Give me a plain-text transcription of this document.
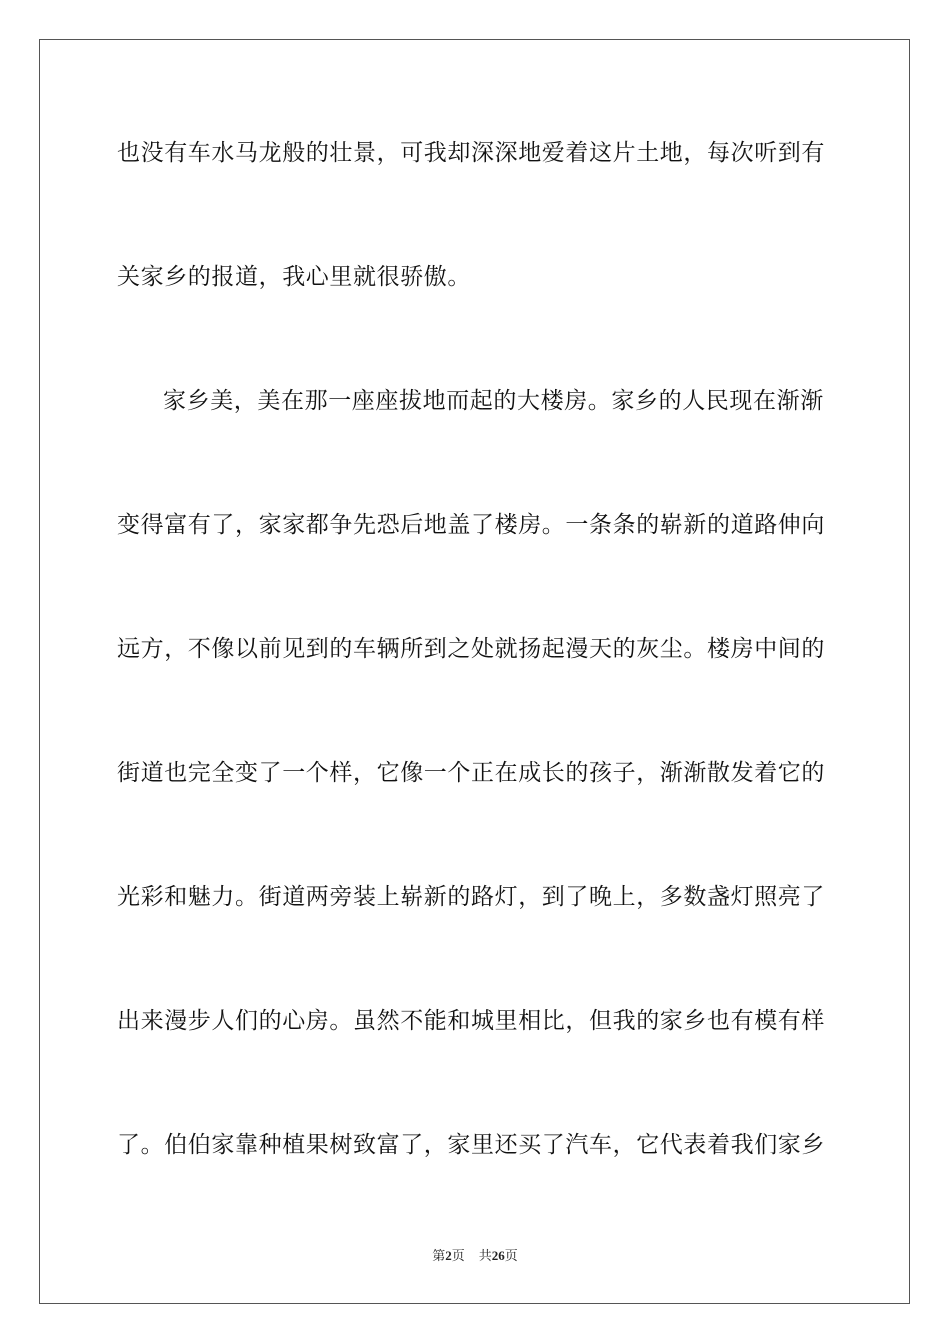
也没有车水马龙般的壮景，可我却深深地爱着这片土地，每次听到有
关家乡的报道，我心里就很骄傲。
家乡美，美在那一座座拔地而起的大楼房。家乡的人民现在渐渐
变得富有了，家家都争先恐后地盖了楼房。一条条的崭新的道路伸向
远方，不像以前见到的车辆所到之处就扬起漫天的灰尘。楼房中间的
街道也完全变了一个样，它像一个正在成长的孩子，渐渐散发着它的
光彩和魅力。街道两旁装上崭新的路灯，到了晚上，多数盏灯照亮了
出来漫步人们的心房。虽然不能和城里相比，但我的家乡也有模有样
了。伯伯家靠种植果树致富了，家里还买了汽车，它代表着我们家乡
第2页 共26页
